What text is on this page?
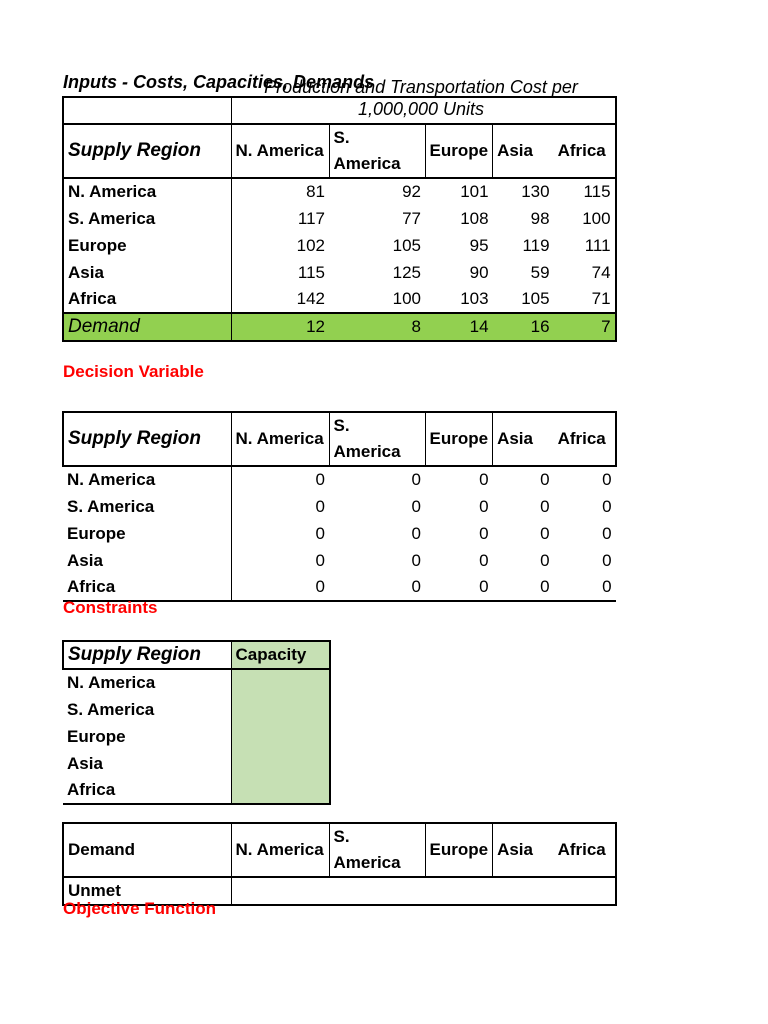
Inputs - Costs, Capacities, Demands
Production and Transportation Cost per
1,000,000 Units

Supply Region	N. America	S. America	Europe	Asia	Africa
N. America	81	92	101	130	115
S. America	117	77	108	98	100
Europe	102	105	95	119	111
Asia	115	125	90	59	74
Africa	142	100	103	105	71
Demand	12	8	14	16	7
Decision Variable
Supply Region	N. America	S. America	Europe	Asia	Africa
N. America	0	0	0	0	0
S. America	0	0	0	0	0
Europe	0	0	0	0	0
Asia	0	0	0	0	0
Africa	0	0	0	0	0
Constraints
Supply Region	Capacity
N. America	
S. America	
Europe	
Asia	
Africa	
Demand	N. America	S. America	Europe	Asia	Africa
Unmet					
Objective Function
